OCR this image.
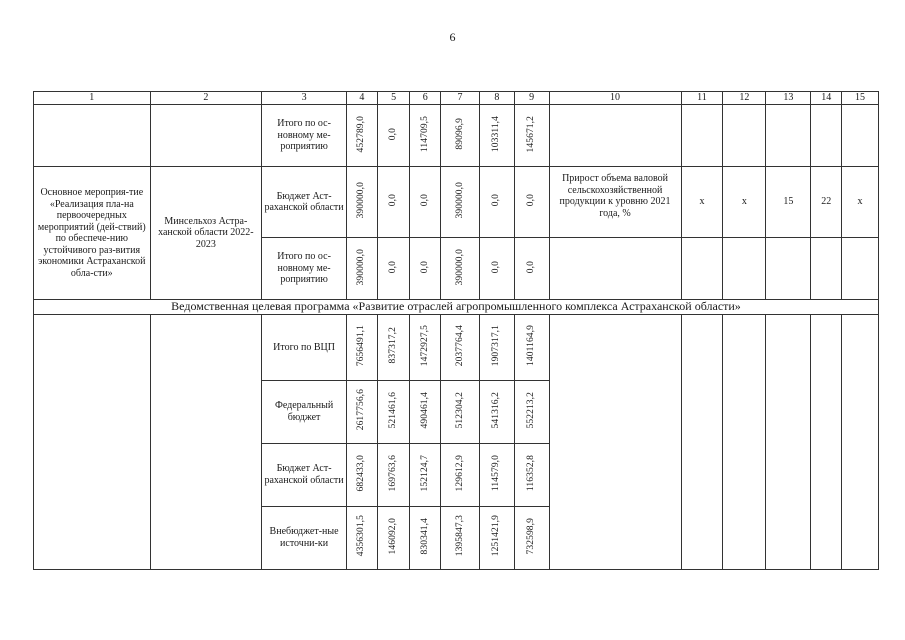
6
1	2	3	4	5	6	7	8	9	10	11	12	13	14	15

		Итого по ос-новному ме-роприятию	452789,0	0,0	114709,5	89096,9	103311,4	145671,2						

Основное мероприя-тие «Реализация пла-на первоочередных мероприятий (дей-ствий) по обеспече-нию устойчивого раз-вития экономики Астраханской обла-сти»	Минсельхоз Астра-ханской области 2022-2023	Бюджет Аст-раханской области	390000,0	0,0	0,0	390000,0	0,0	0,0	Прирост объема валовой сельскохозяйственной продукции к уровню 2021 года, %	х	х	15	22	х

		Итого по ос-новному ме-роприятию	390000,0	0,0	0,0	390000,0	0,0	0,0						
Ведомственная целевая программа «Развитие отраслей агропромышленного комплекса Астраханской области»														

		Итого по ВЦП	7656491,1	837317,2	1472927,5	2037764,4	1907317,1	1401164,9						

		Федеральный бюджет	2617756,6	521461,6	490461,4	512304,2	541316,2	552213,2						

		Бюджет Аст-раханской области	682433,0	169763,6	152124,7	129612,9	114579,0	116352,8						

		Внебюджет-ные источни-ки	4356301,5	146092,0	830341,4	1395847,3	1251421,9	732598,9						
